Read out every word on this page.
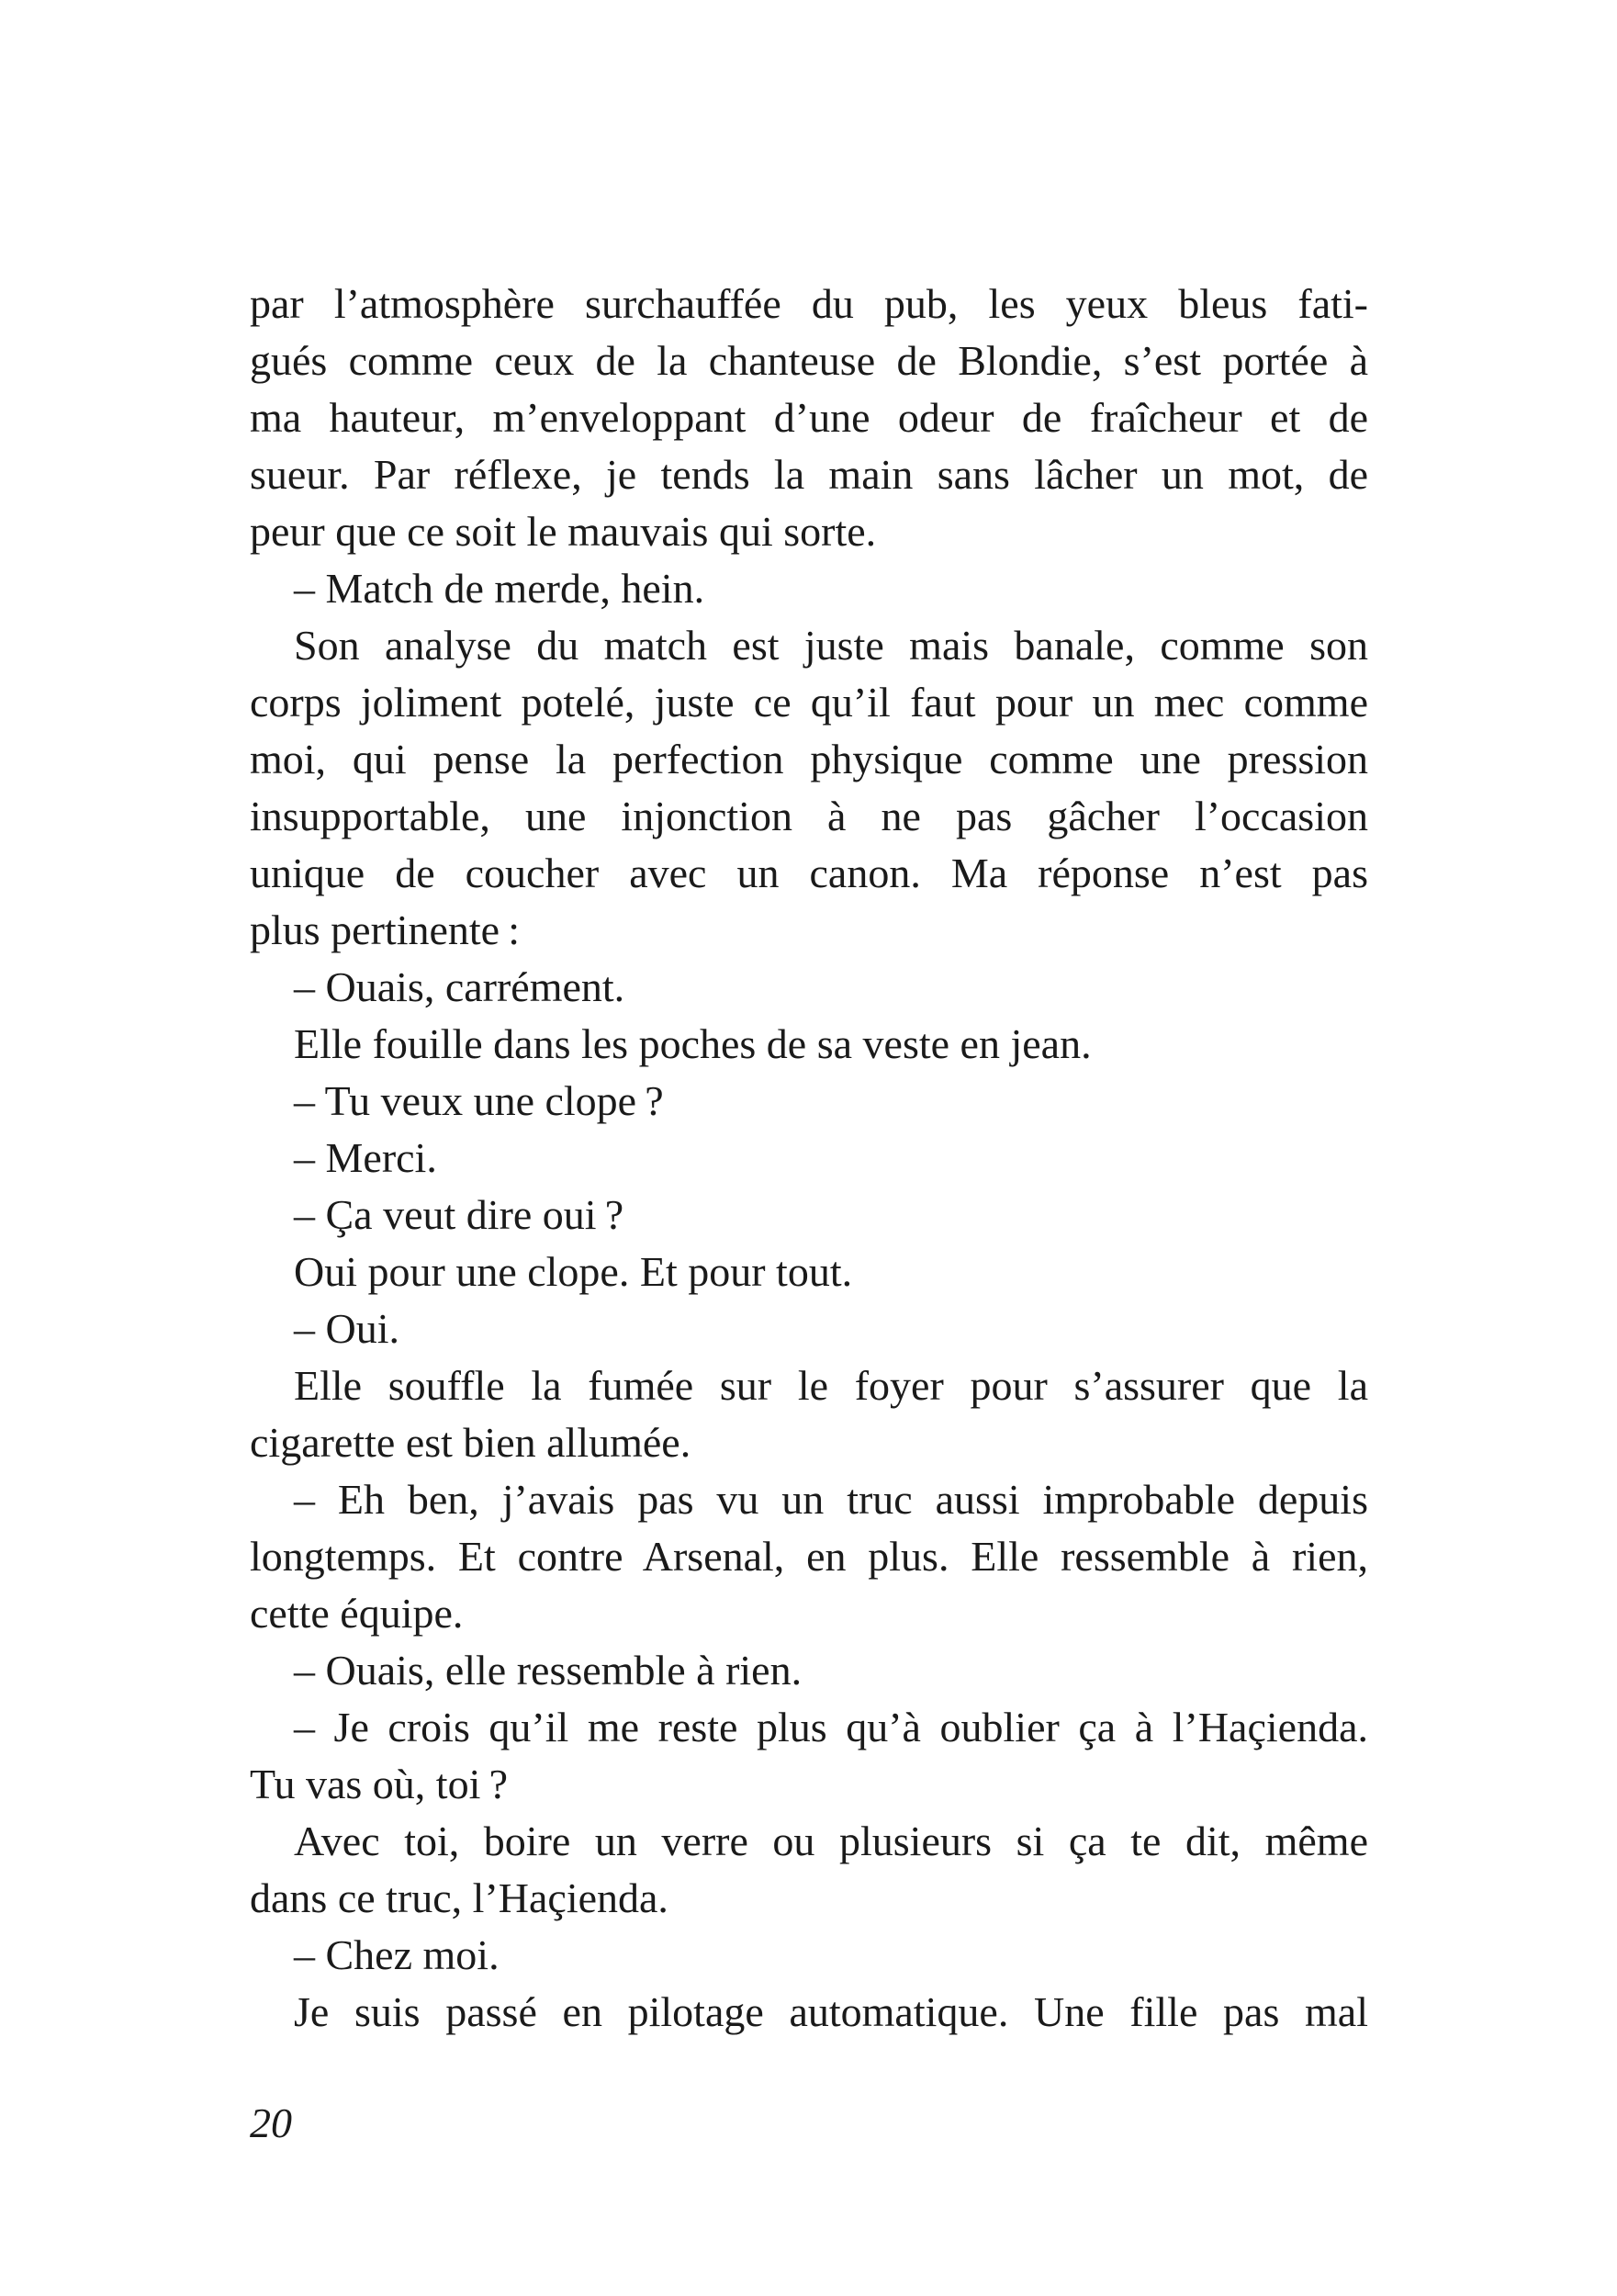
par l’atmosphère surchauffée du pub, les yeux bleus fati-
gués comme ceux de la chanteuse de Blondie, s’est portée à
ma hauteur, m’enveloppant d’une odeur de fraîcheur et de
sueur. Par réflexe, je tends la main sans lâcher un mot, de
peur que ce soit le mauvais qui sorte.
– Match de merde, hein.
Son analyse du match est juste mais banale, comme son
corps joliment potelé, juste ce qu’il faut pour un mec comme
moi, qui pense la perfection physique comme une pression
insupportable, une injonction à ne pas gâcher l’occasion
unique de coucher avec un canon. Ma réponse n’est pas
plus pertinente :
– Ouais, carrément.
Elle fouille dans les poches de sa veste en jean.
– Tu veux une clope ?
– Merci.
– Ça veut dire oui ?
Oui pour une clope. Et pour tout.
– Oui.
Elle souffle la fumée sur le foyer pour s’assurer que la
cigarette est bien allumée.
– Eh ben, j’avais pas vu un truc aussi improbable depuis
longtemps. Et contre Arsenal, en plus. Elle ressemble à rien,
cette équipe.
– Ouais, elle ressemble à rien.
– Je crois qu’il me reste plus qu’à oublier ça à l’Haçienda.
Tu vas où, toi ?
Avec toi, boire un verre ou plusieurs si ça te dit, même
dans ce truc, l’Haçienda.
– Chez moi.
Je suis passé en pilotage automatique. Une fille pas mal
20
